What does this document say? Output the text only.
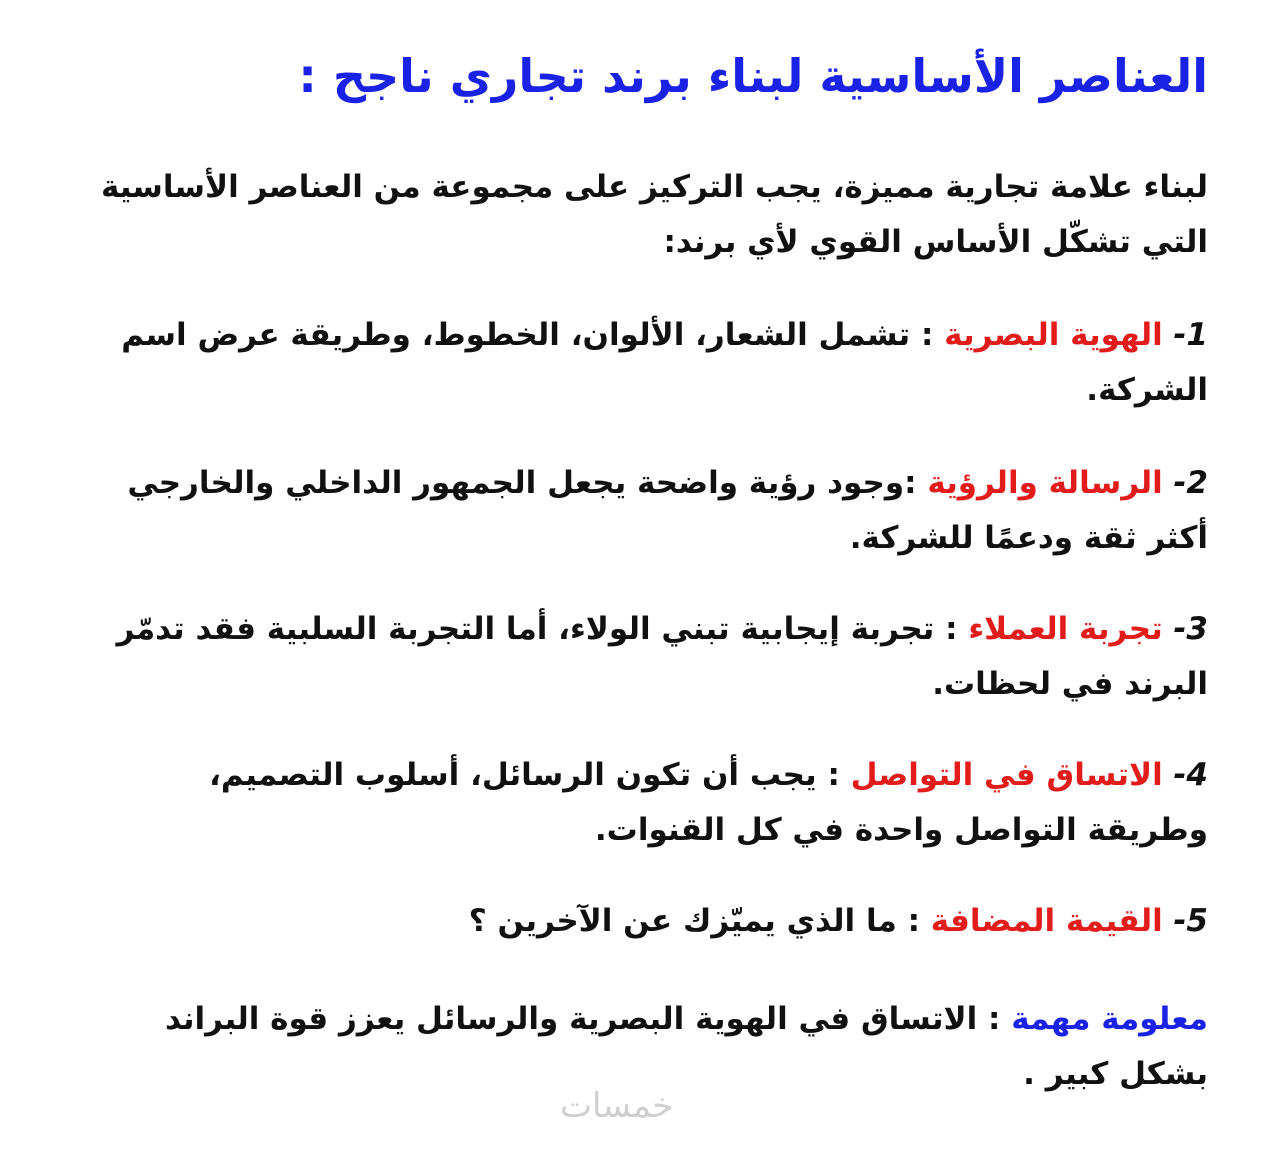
العناصر الأساسية لبناء برند تجاري ناجح :

لبناء علامة تجارية مميزة، يجب التركيز على مجموعة من العناصر الأساسية التي تشكّل الأساس القوي لأي برند:

1- الهوية البصرية : تشمل الشعار، الألوان، الخطوط، وطريقة عرض اسم الشركة.

2- الرسالة والرؤية :وجود رؤية واضحة يجعل الجمهور الداخلي والخارجي أكثر ثقة ودعمًا للشركة.

3- تجربة العملاء : تجربة إيجابية تبني الولاء، أما التجربة السلبية فقد تدمّر البرند في لحظات.

4- الاتساق في التواصل : يجب أن تكون الرسائل، أسلوب التصميم، وطريقة التواصل واحدة في كل القنوات.

5- القيمة المضافة : ما الذي يميّزك عن الآخرين ؟

معلومة مهمة : الاتساق في الهوية البصرية والرسائل يعزز قوة البراند بشكل كبير .

خمسات
